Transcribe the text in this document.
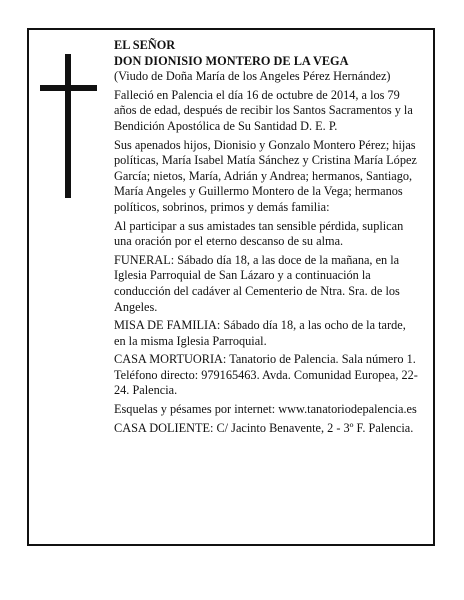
EL SEÑOR

DON DIONISIO MONTERO DE LA VEGA

(Viudo de Doña María de los Angeles Pérez Hernández)

Falleció en Palencia el día 16 de octubre de 2014, a los 79 años de edad, después de recibir los Santos Sacramentos y la Bendición Apostólica de Su Santidad D. E. P.

Sus apenados hijos, Dionisio y Gonzalo Montero Pérez; hijas políticas, María Isabel Matía Sánchez y Cristina María López García; nietos, María, Adrián y Andrea; hermanos, Santiago, María Angeles y Guillermo Montero de la Vega; hermanos políticos, sobrinos, primos y demás familia:

Al participar a sus amistades tan sensible pérdida, suplican una oración por el eterno descanso de su alma.

FUNERAL: Sábado día 18, a las doce de la mañana, en la Iglesia Parroquial de San Lázaro y a continuación la conducción del cadáver al Cementerio de Ntra. Sra. de los Angeles.

MISA DE FAMILIA: Sábado día 18, a las ocho de la tarde, en la misma Iglesia Parroquial.

CASA MORTUORIA: Tanatorio de Palencia. Sala número 1. Teléfono directo: 979165463. Avda. Comunidad Europea, 22-24. Palencia.

Esquelas y pésames por internet: www.tanatoriodepalencia.es

CASA DOLIENTE: C/ Jacinto Benavente, 2 - 3º F. Palencia.
